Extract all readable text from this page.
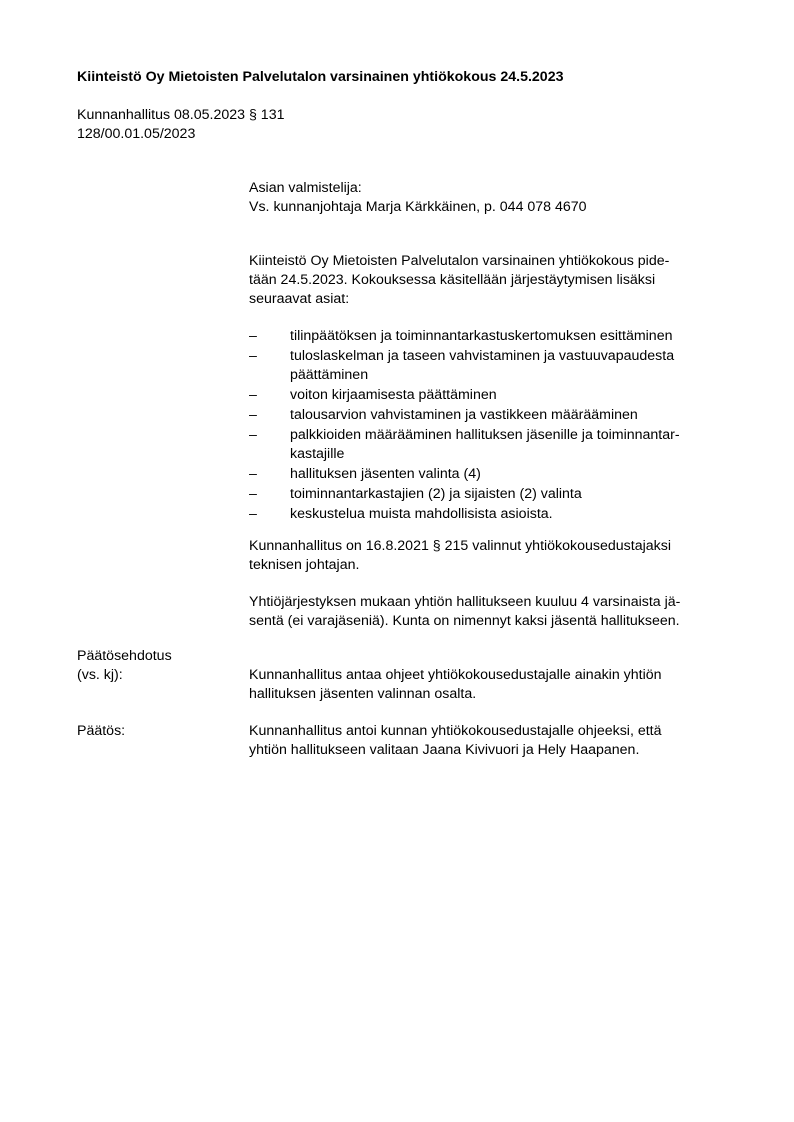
Kiinteistö Oy Mietoisten Palvelutalon varsinainen yhtiökokous 24.5.2023
Kunnanhallitus 08.05.2023 § 131
128/00.01.05/2023
Asian valmistelija:
Vs. kunnanjohtaja Marja Kärkkäinen, p. 044 078 4670
Kiinteistö Oy Mietoisten Palvelutalon varsinainen yhtiökokous pide-
tään 24.5.2023. Kokouksessa käsitellään järjestäytymisen lisäksi
seuraavat asiat:
– tilinpäätöksen ja toiminnantarkastuskertomuksen esittäminen
– tuloslaskelman ja taseen vahvistaminen ja vastuuvapaudesta
päättäminen
– voiton kirjaamisesta päättäminen
– talousarvion vahvistaminen ja vastikkeen määrääminen
– palkkioiden määrääminen hallituksen jäsenille ja toiminnantar-
kastajille
– hallituksen jäsenten valinta (4)
– toiminnantarkastajien (2) ja sijaisten (2) valinta
– keskustelua muista mahdollisista asioista.
Kunnanhallitus on 16.8.2021 § 215 valinnut yhtiökokousedustajaksi
teknisen johtajan.
Yhtiöjärjestyksen mukaan yhtiön hallitukseen kuuluu 4 varsinaista jä-
sentä (ei varajäseniä). Kunta on nimennyt kaksi jäsentä hallitukseen.
Päätösehdotus
(vs. kj):	Kunnanhallitus antaa ohjeet yhtiökokousedustajalle ainakin yhtiön
hallituksen jäsenten valinnan osalta.
Päätös:	Kunnanhallitus antoi kunnan yhtiökokousedustajalle ohjeeksi, että
yhtiön hallitukseen valitaan Jaana Kivivuori ja Hely Haapanen.
